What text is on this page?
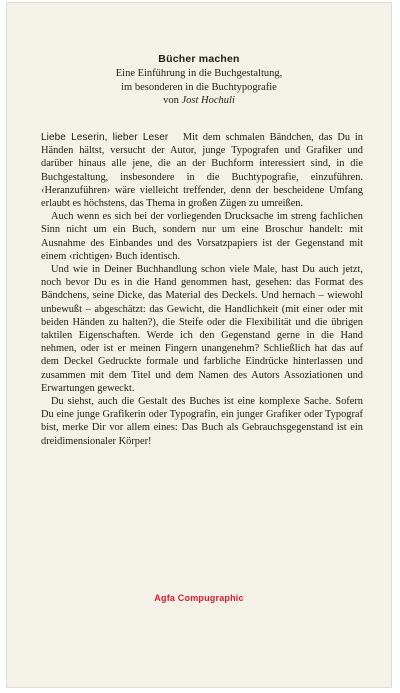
Bücher machen
Eine Einführung in die Buchgestaltung,
im besonderen in die Buchtypografie
von Jost Hochuli

Liebe Leserin, lieber Leser Mit dem schmalen Bändchen, das Du in Händen hältst, versucht der Autor, junge Typografen und Grafiker und darüber hinaus alle jene, die an der Buchform interessiert sind, in die Buchgestaltung, insbesondere in die Buchtypografie, einzuführen. ‹Heranzuführen› wäre vielleicht treffender, denn der bescheidene Umfang erlaubt es höchstens, das Thema in großen Zügen zu umreißen.

Auch wenn es sich bei der vorliegenden Drucksache im streng fachlichen Sinn nicht um ein Buch, sondern nur um eine Broschur handelt: mit Ausnahme des Einbandes und des Vorsatzpapiers ist der Gegenstand mit einem ‹richtigen› Buch identisch.

Und wie in Deiner Buchhandlung schon viele Male, hast Du auch jetzt, noch bevor Du es in die Hand genommen hast, gesehen: das Format des Bändchens, seine Dicke, das Material des Deckels. Und hernach – wiewohl unbewußt – abgeschätzt: das Gewicht, die Handlichkeit (mit einer oder mit beiden Händen zu halten?), die Steife oder die Flexibilität und die übrigen taktilen Eigenschaften. Werde ich den Gegenstand gerne in die Hand nehmen, oder ist er meinen Fingern unangenehm? Schließlich hat das auf dem Deckel Gedruckte formale und farbliche Eindrücke hinterlassen und zusammen mit dem Titel und dem Namen des Autors Assoziationen und Erwartungen geweckt.

Du siehst, auch die Gestalt des Buches ist eine komplexe Sache. Sofern Du eine junge Grafikerin oder Typografin, ein junger Grafiker oder Typograf bist, merke Dir vor allem eines: Das Buch als Gebrauchsgegenstand ist ein dreidimensionaler Körper!

Agfa Compugraphic
